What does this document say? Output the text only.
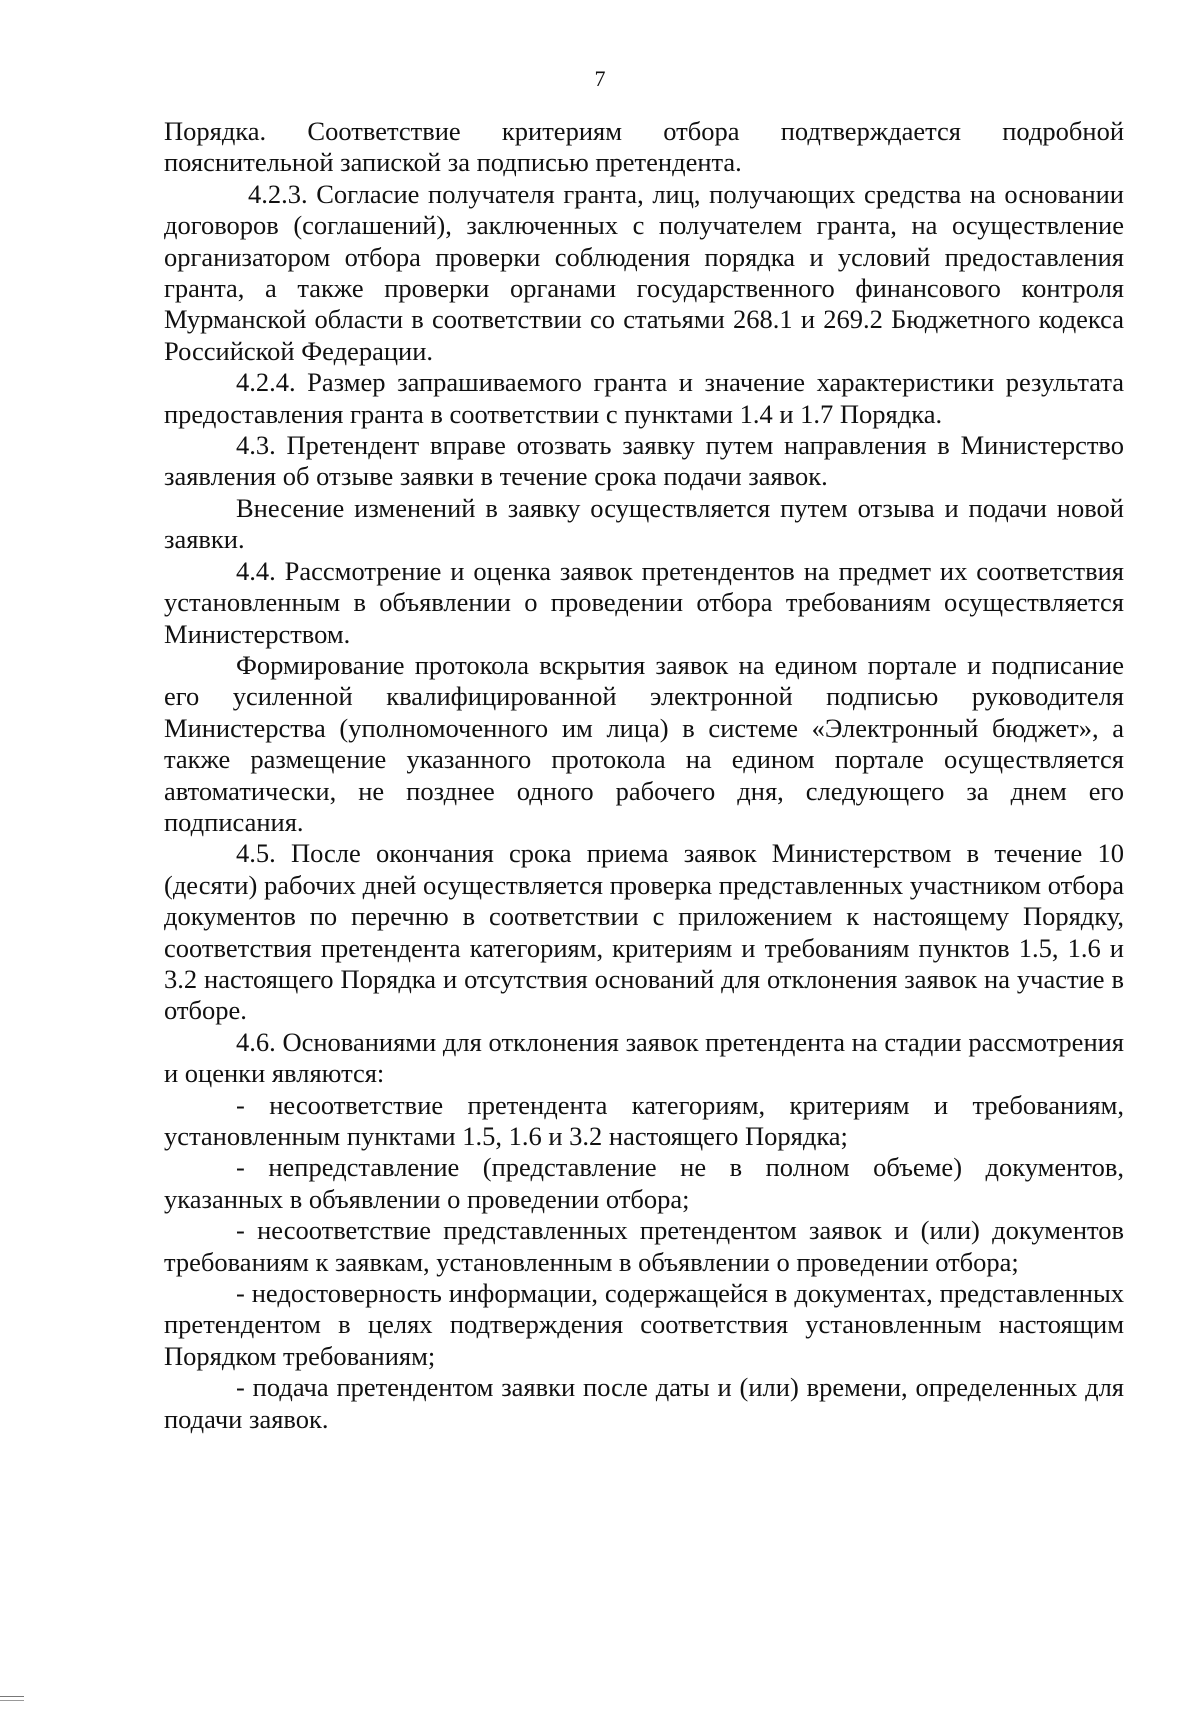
7

Порядка. Соответствие критериям отбора подтверждается подробной пояснительной запиской за подписью претендента.

4.2.3. Согласие получателя гранта, лиц, получающих средства на основании договоров (соглашений), заключенных с получателем гранта, на осуществление организатором отбора проверки соблюдения порядка и условий предоставления гранта, а также проверки органами государственного финансового контроля Мурманской области в соответствии со статьями 268.1 и 269.2 Бюджетного кодекса Российской Федерации.

4.2.4. Размер запрашиваемого гранта и значение характеристики результата предоставления гранта в соответствии с пунктами 1.4 и 1.7 Порядка.

4.3. Претендент вправе отозвать заявку путем направления в Министерство заявления об отзыве заявки в течение срока подачи заявок.

Внесение изменений в заявку осуществляется путем отзыва и подачи новой заявки.

4.4. Рассмотрение и оценка заявок претендентов на предмет их соответствия установленным в объявлении о проведении отбора требованиям осуществляется Министерством.

Формирование протокола вскрытия заявок на едином портале и подписание его усиленной квалифицированной электронной подписью руководителя Министерства (уполномоченного им лица) в системе «Электронный бюджет», а также размещение указанного протокола на едином портале осуществляется автоматически, не позднее одного рабочего дня, следующего за днем его подписания.

4.5. После окончания срока приема заявок Министерством в течение 10 (десяти) рабочих дней осуществляется проверка представленных участником отбора документов по перечню в соответствии с приложением к настоящему Порядку, соответствия претендента категориям, критериям и требованиям пунктов 1.5, 1.6 и 3.2 настоящего Порядка и отсутствия оснований для отклонения заявок на участие в отборе.

4.6. Основаниями для отклонения заявок претендента на стадии рассмотрения и оценки являются:

- несоответствие претендента категориям, критериям и требованиям, установленным пунктами 1.5, 1.6 и 3.2 настоящего Порядка;

- непредставление (представление не в полном объеме) документов, указанных в объявлении о проведении отбора;

- несоответствие представленных претендентом заявок и (или) документов требованиям к заявкам, установленным в объявлении о проведении отбора;

- недостоверность информации, содержащейся в документах, представленных претендентом в целях подтверждения соответствия установленным настоящим Порядком требованиям;

- подача претендентом заявки после даты и (или) времени, определенных для подачи заявок.
